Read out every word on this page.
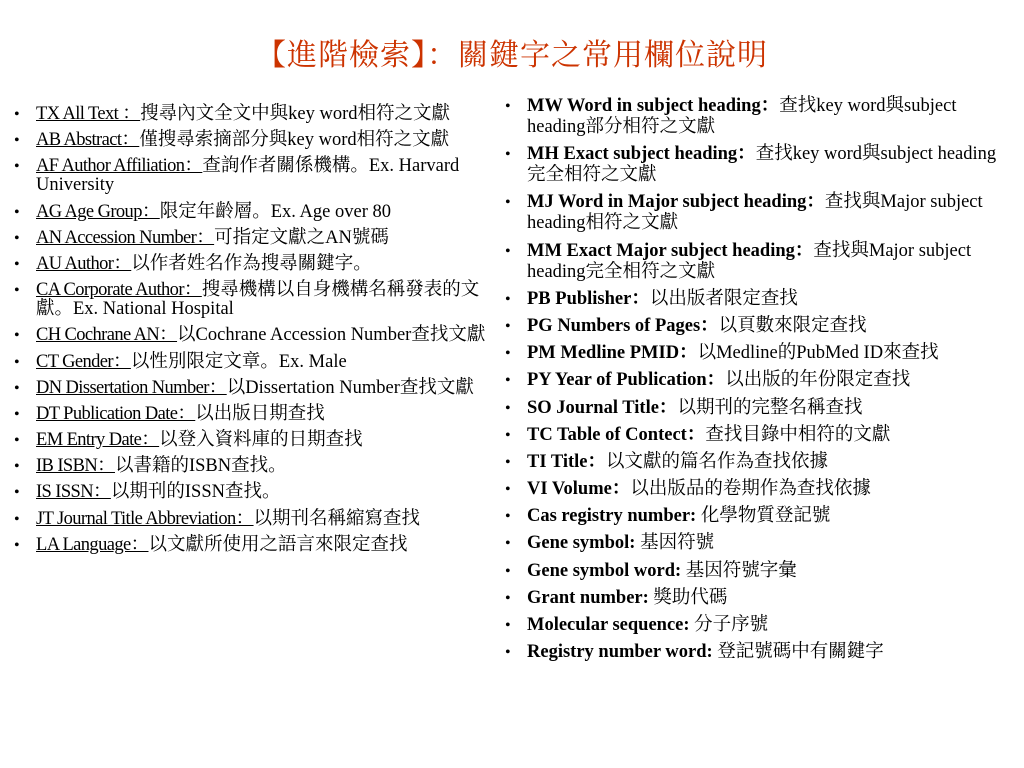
【進階檢索】：關鍵字之常用欄位說明
• TX All Text ：搜尋內文全文中與key word相符之文獻
• AB Abstract：僅搜尋索摘部分與key word相符之文獻
• AF Author Affiliation：查詢作者關係機構。Ex. Harvard University
• AG Age Group：限定年齡層。Ex. Age over 80
• AN Accession Number：可指定文獻之AN號碼
• AU Author：以作者姓名作為搜尋關鍵字。
• CA Corporate Author：搜尋機構以自身機構名稱發表的文獻。Ex. National Hospital
• CH Cochrane AN：以Cochrane Accession Number查找文獻
• CT Gender：以性別限定文章。Ex. Male
• DN Dissertation Number：以Dissertation Number查找文獻
• DT Publication Date：以出版日期查找
• EM Entry Date：以登入資料庫的日期查找
• IB ISBN：以書籍的ISBN查找。
• IS ISSN：以期刊的ISSN查找。
• JT Journal Title Abbreviation：以期刊名稱縮寫查找
• LA Language：以文獻所使用之語言來限定查找
• MW Word in subject heading：查找key word與subject heading部分相符之文獻
• MH Exact subject heading：查找key word與subject heading 完全相符之文獻
• MJ Word in Major subject heading：查找與Major subject heading相符之文獻
• MM Exact Major subject heading：查找與Major subject heading完全相符之文獻
• PB Publisher：以出版者限定查找
• PG Numbers of Pages：以頁數來限定查找
• PM Medline PMID：以Medline的PubMed ID來查找
• PY Year of Publication：以出版的年份限定查找
• SO Journal Title：以期刊的完整名稱查找
• TC Table of Contect：查找目錄中相符的文獻
• TI Title：以文獻的篇名作為查找依據
• VI Volume：以出版品的卷期作為查找依據
• Cas registry number: 化學物質登記號
• Gene symbol: 基因符號
• Gene symbol word: 基因符號字彙
• Grant number: 獎助代碼
• Molecular sequence: 分子序號
• Registry number word: 登記號碼中有關鍵字
